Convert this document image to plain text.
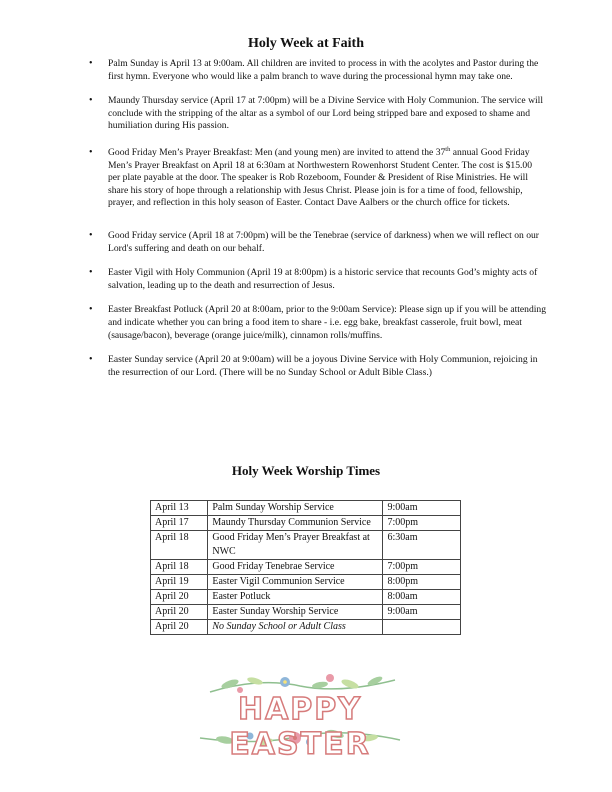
Holy Week at Faith
• Palm Sunday is April 13 at 9:00am. All children are invited to process in with the acolytes and Pastor during the first hymn. Everyone who would like a palm branch to wave during the processional hymn may take one.
• Maundy Thursday service (April 17 at 7:00pm) will be a Divine Service with Holy Communion. The service will conclude with the stripping of the altar as a symbol of our Lord being stripped bare and exposed to shame and humiliation during His passion.
• Good Friday Men’s Prayer Breakfast: Men (and young men) are invited to attend the 37th annual Good Friday Men’s Prayer Breakfast on April 18 at 6:30am at Northwestern Rowenhorst Student Center. The cost is $15.00 per plate payable at the door. The speaker is Rob Rozeboom, Founder & President of Rise Ministries. He will share his story of hope through a relationship with Jesus Christ. Please join is for a time of food, fellowship, prayer, and reflection in this holy season of Easter. Contact Dave Aalbers or the church office for tickets.
• Good Friday service (April 18 at 7:00pm) will be the Tenebrae (service of darkness) when we will reflect on our Lord's suffering and death on our behalf.
• Easter Vigil with Holy Communion (April 19 at 8:00pm) is a historic service that recounts God’s mighty acts of salvation, leading up to the death and resurrection of Jesus.
• Easter Breakfast Potluck (April 20 at 8:00am, prior to the 9:00am Service): Please sign up if you will be attending and indicate whether you can bring a food item to share - i.e. egg bake, breakfast casserole, fruit bowl, meat (sausage/bacon), beverage (orange juice/milk), cinnamon rolls/muffins.
• Easter Sunday service (April 20 at 9:00am) will be a joyous Divine Service with Holy Communion, rejoicing in the resurrection of our Lord. (There will be no Sunday School or Adult Bible Class.)
Holy Week Worship Times
April 13	Palm Sunday Worship Service	9:00am
April 17	Maundy Thursday Communion Service	7:00pm
April 18	Good Friday Men’s Prayer Breakfast at NWC	6:30am
April 18	Good Friday Tenebrae Service	7:00pm
April 19	Easter Vigil Communion Service	8:00pm
April 20	Easter Potluck	8:00am
April 20	Easter Sunday Worship Service	9:00am
April 20	No Sunday School or Adult Class	
HAPPY EASTER
